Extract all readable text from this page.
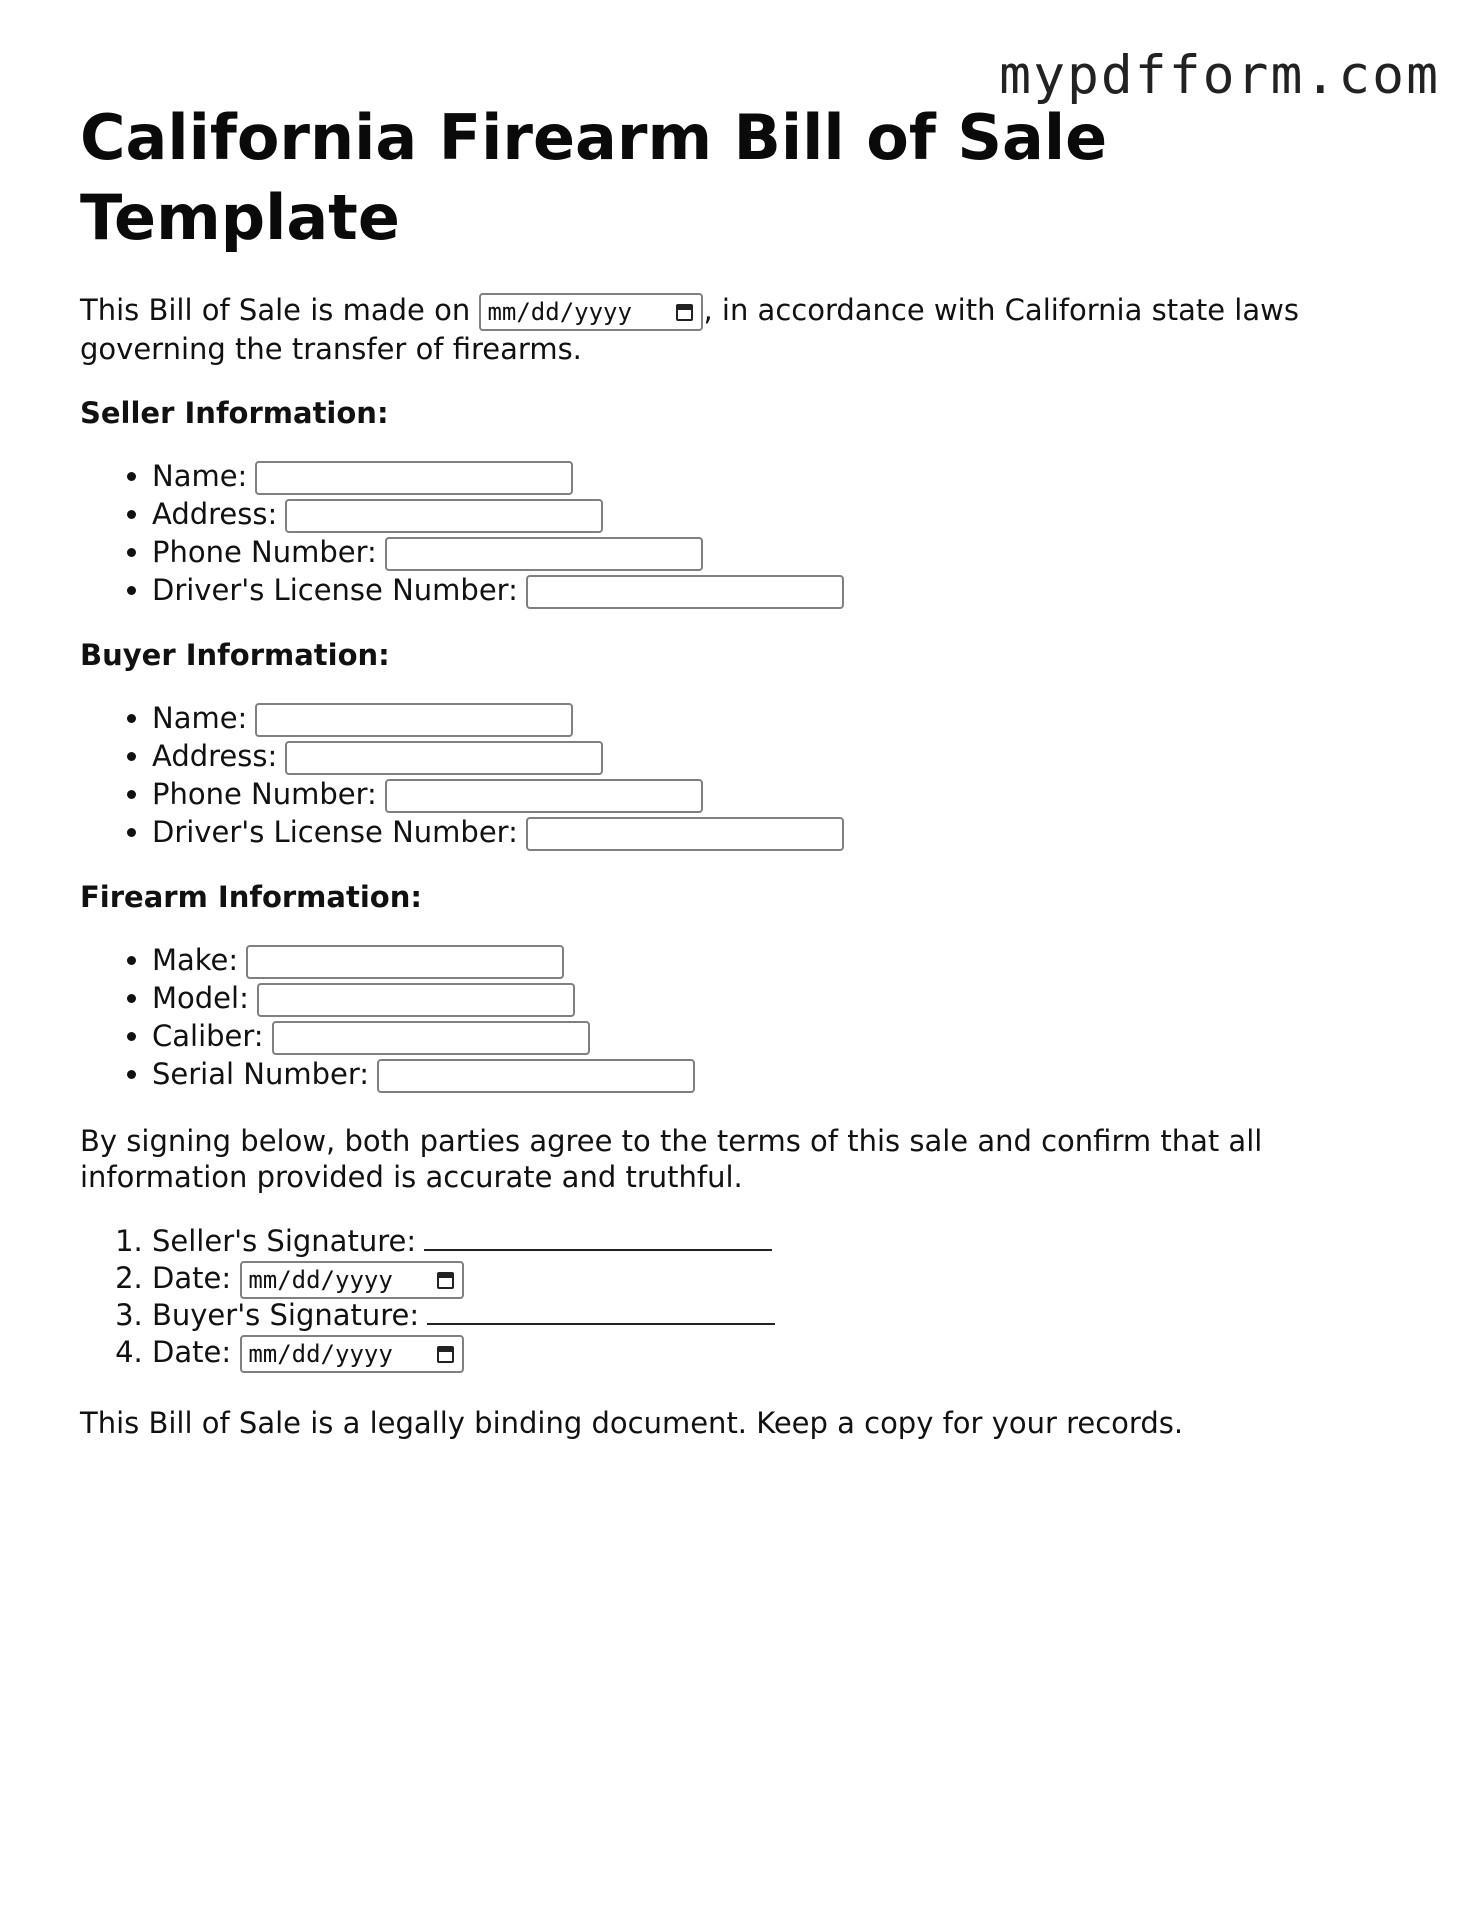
mypdfform.com
California Firearm Bill of Sale Template

This Bill of Sale is made on mm/dd/yyyy , in accordance with California state laws governing the transfer of firearms.

Seller Information:

• Name:
• Address:
• Phone Number:
• Driver's License Number:

Buyer Information:

• Name:
• Address:
• Phone Number:
• Driver's License Number:

Firearm Information:

• Make:
• Model:
• Caliber:
• Serial Number:

By signing below, both parties agree to the terms of this sale and confirm that all information provided is accurate and truthful.

1. Seller's Signature:
2. Date: mm/dd/yyyy
3. Buyer's Signature:
4. Date: mm/dd/yyyy

This Bill of Sale is a legally binding document. Keep a copy for your records.
